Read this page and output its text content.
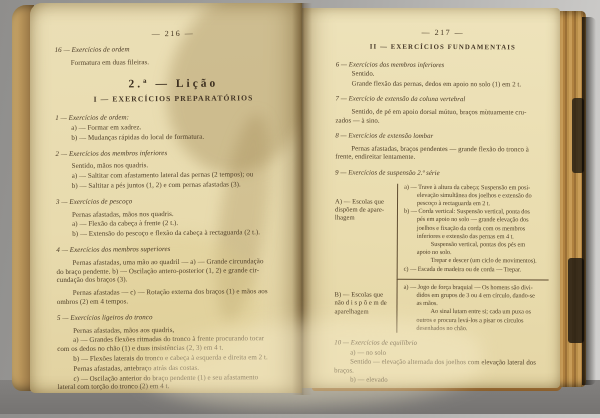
— 216 —
16 — Exercícios de ordem
Formatura em duas fileiras.
2.ª — Lição
I — EXERCÍCIOS PREPARATÓRIOS
1 — Exercícios de ordem:
a) — Formar em xadrez.
b) — Mudanças rápidas do local de formatura.
2 — Exercícios dos membros inferiores
Sentido, mãos nos quadris.
a) — Saltitar com afastamento lateral das pernas (2 tempos); ou
b) — Saltitar a pés juntos (1, 2) e com pernas afastadas (3).
3 — Exercícios de pescoço
Pernas afastadas, mãos nos quadris.
a) — Flexão da cabeça à frente (2 t.).
b) — Extensão do pescoço e flexão da cabeça à rectaguarda (2 t.).
4 — Exercícios dos membros superiores
Pernas afastadas, uma mão ao quadril — a) — Grande circundação
do braço pendente. b) — Oscilação antero-posterior (1, 2) e grande cir-
cundação dos braços (3).
Pernas afastadas — c) — Rotação externa dos braços (1) e mãos aos
ombros (2) em 4 tempos.
5 — Exercícios ligeiros do tronco
Pernas afastadas, mãos aos quadris,
a) — Grandes flexões ritmadas do tronco à frente procurando tocar
com os dedos no chão (1) e duas insistências (2, 3) em 4 t.
b) — Flexões laterais do tronco e cabeça à esquerda e direita em 2 t.
Pernas afastadas, antebraço atrás das costas.
c) — Oscilação anterior do braço pendente (1) e seu afastamento
lateral com torção do tronco (2) em 4 t.
— 217 —
II — EXERCÍCIOS FUNDAMENTAIS
6 — Exercícios dos membros inferiores
Sentido.
Grande flexão das pernas, dedos em apoio no solo (1) em 2 t.
7 — Exercício de extensão da coluna vertebral
Sentido, de pé em apoio dorsal mútuo, braços mùtuamente cru-
zados — à sino.
8 — Exercícios de extensão lombar
Pernas afastadas, braços pendentes — grande flexão do tronco à
frente, endireitar lentamente.
9 — Exercícios de suspensão 2.ª série
A) — Escolas que
dispõem de apare-
lhagem
a) — Trave à altura da cabeça; Suspensão em posi-
elevação simultânea dos joelhos e extensão do
pescoço à rectaguarda em 2 t.
b) — Corda vertical: Suspensão vertical, ponta dos
pés em apoio no solo — grande elevação dos
joelhos e fixação da corda com os membros
inferiores e extensão das pernas em 4 t.
Suspensão vertical, pontas dos pés em
apoio no solo.
Trepar e descer (um ciclo de movimentos).
c) — Escada de madeira ou de corda — Trepar.
B) — Escolas que
não d i s p õ e m de
aparelhagem
a) — Jogo de força braquial — Os homens são divi-
didos em grupos de 3 ou 4 em círculo, dando-se
as mãos.
Ao sinal lutam entre si; cada um puxa os
outros e procura levá-los a pisar os círculos
desenhados no chão.
10 — Exercícios de equilíbrio
a) — no solo
Sentido — elevação alternada dos joelhos com elevação lateral dos
braços.
b) — elevado
